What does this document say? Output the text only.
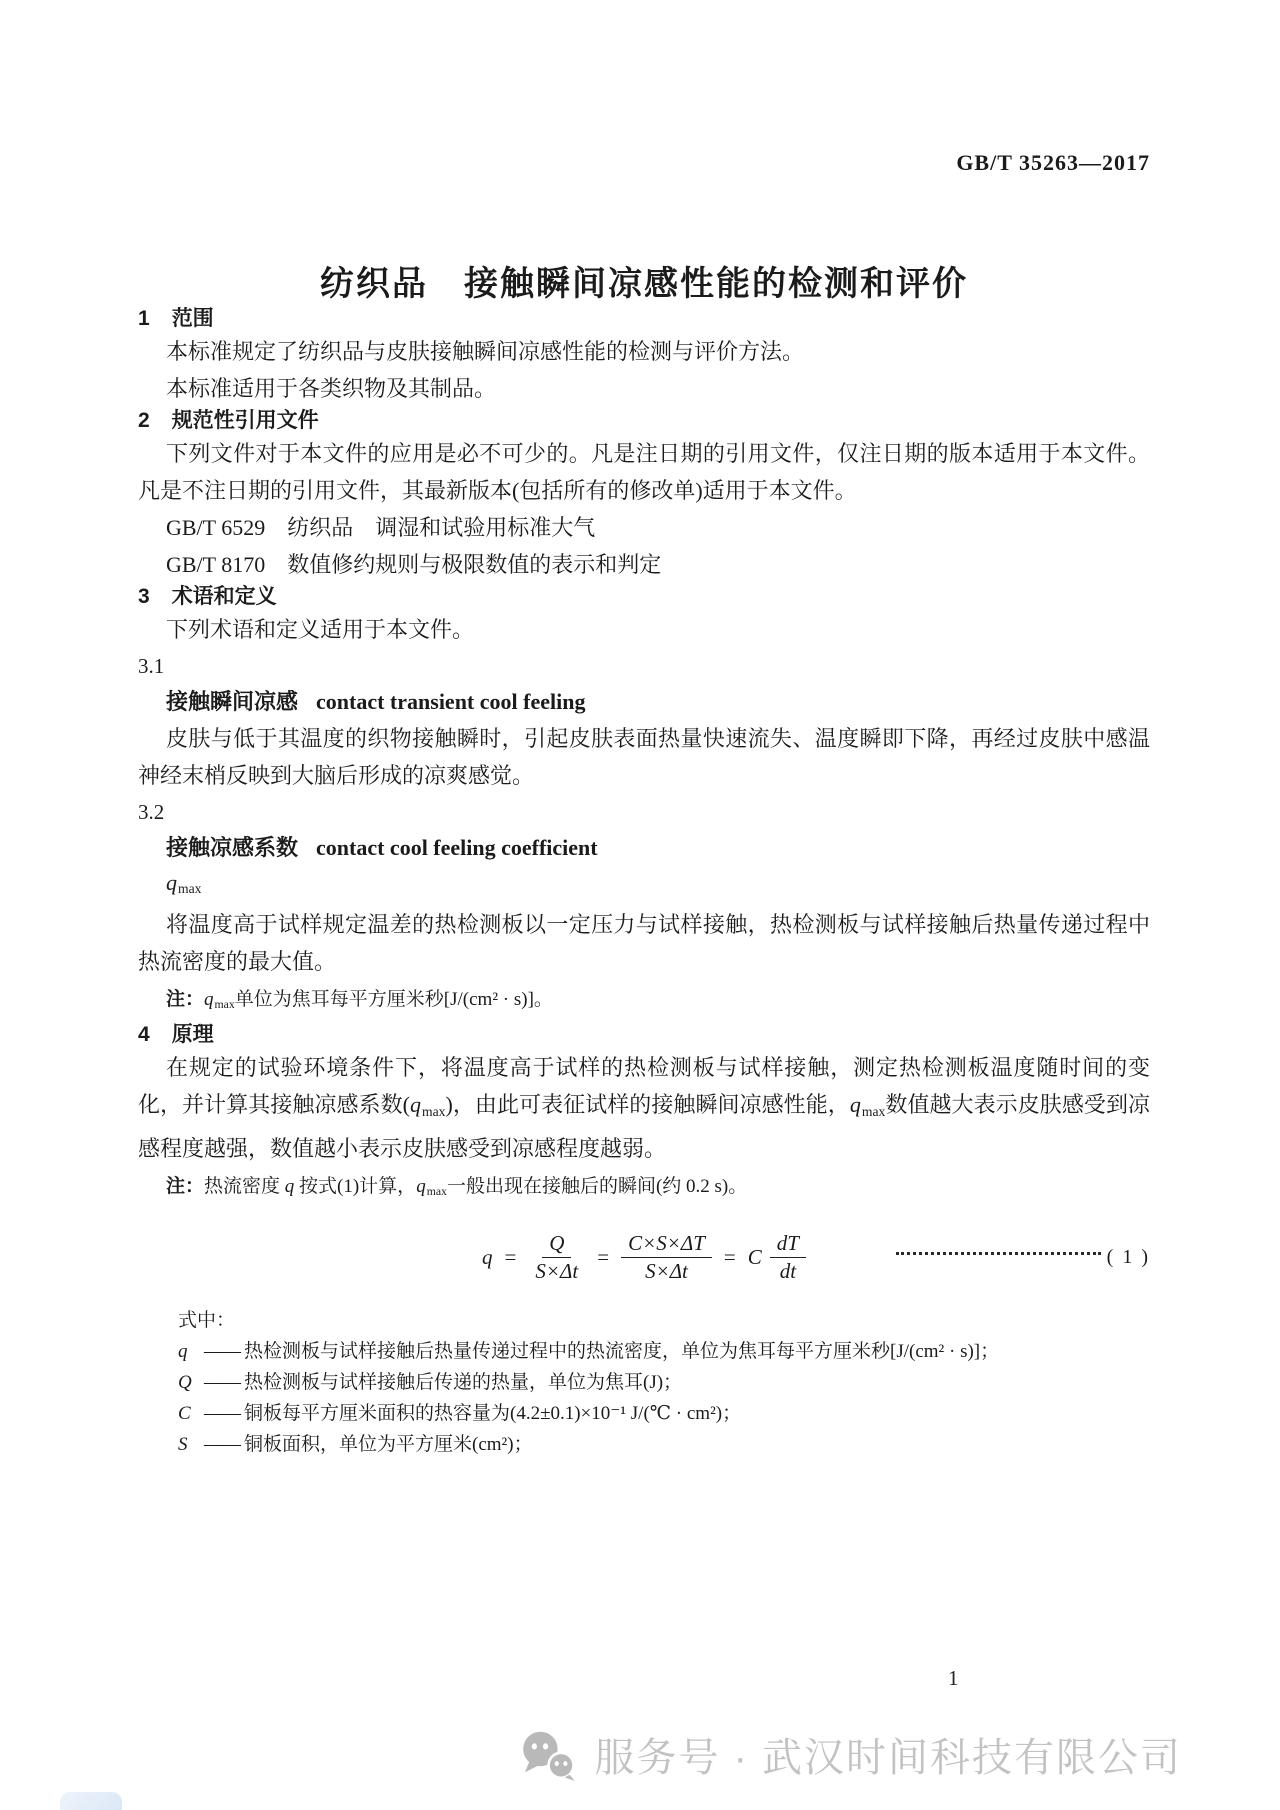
GB/T 35263—2017
纺织品　接触瞬间凉感性能的检测和评价
1 范围

本标准规定了纺织品与皮肤接触瞬间凉感性能的检测与评价方法。

本标准适用于各类织物及其制品。

2 规范性引用文件

下列文件对于本文件的应用是必不可少的。凡是注日期的引用文件，仅注日期的版本适用于本文件。凡是不注日期的引用文件，其最新版本(包括所有的修改单)适用于本文件。

GB/T 6529　纺织品　调湿和试验用标准大气
GB/T 8170　数值修约规则与极限数值的表示和判定
3 术语和定义

下列术语和定义适用于本文件。

3.1
接触瞬间凉感 contact transient cool feeling

皮肤与低于其温度的织物接触瞬时，引起皮肤表面热量快速流失、温度瞬即下降，再经过皮肤中感温神经末梢反映到大脑后形成的凉爽感觉。

3.2
接触凉感系数 contact cool feeling coefficient
qmax

将温度高于试样规定温差的热检测板以一定压力与试样接触，热检测板与试样接触后热量传递过程中热流密度的最大值。

注：qmax单位为焦耳每平方厘米秒[J/(cm² · s)]。
4 原理

在规定的试验环境条件下，将温度高于试样的热检测板与试样接触，测定热检测板温度随时间的变化，并计算其接触凉感系数(qmax)，由此可表征试样的接触瞬间凉感性能，qmax数值越大表示皮肤感受到凉感程度越强，数值越小表示皮肤感受到凉感程度越弱。

注：热流密度 q 按式(1)计算，qmax一般出现在接触后的瞬间(约 0.2 s)。
$q = \frac{Q}{S\times\Delta t} = \frac{C\times S\times\Delta T}{S\times\Delta t} = C \frac{dT}{dt}$	( 1 )
式中：
q —— 热检测板与试样接触后热量传递过程中的热流密度，单位为焦耳每平方厘米秒[J/(cm² · s)]；
Q —— 热检测板与试样接触后传递的热量，单位为焦耳(J)；
C —— 铜板每平方厘米面积的热容量为(4.2±0.1)×10⁻¹ J/(℃ · cm²)；
S —— 铜板面积，单位为平方厘米(cm²)；
1
服务号 · 武汉时间科技有限公司
